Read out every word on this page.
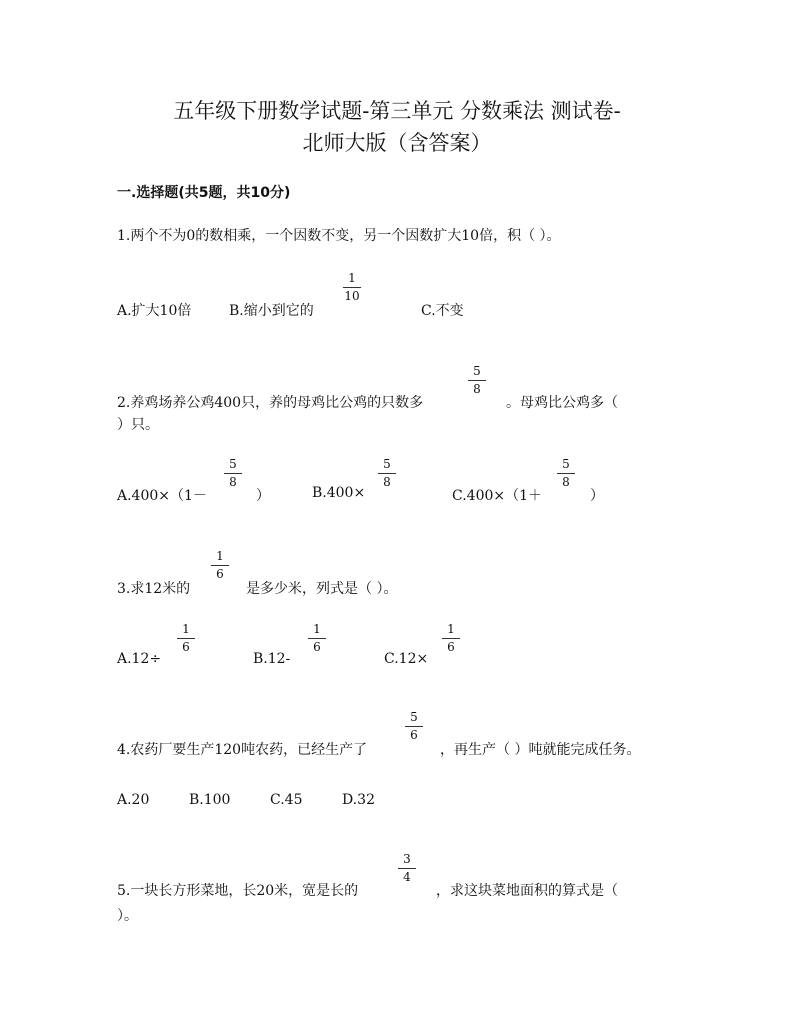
五年级下册数学试题-第三单元 分数乘法 测试卷-
北师大版（含答案）
一.选择题(共5题，共10分)
1.两个不为0的数相乘，一个因数不变，另一个因数扩大10倍，积（ ）。
A.扩大10倍	B.缩小到它的
1
10
C.不变
2.养鸡场养公鸡400只，养的母鸡比公鸡的只数多
5
8
。母鸡比公鸡多（
）只。
A.400×（1－
5
8
）	B.400×
5
8
C.400×（1＋
5
8
）
3.求12米的
1
6
是多少米，列式是（ ）。
A.12÷
1
6
B.12-
1
6
C.12×
1
6
4.农药厂要生产120吨农药，已经生产了
5
6
，再生产（ ）吨就能完成任务。
A.20	B.100	C.45	D.32
5.一块长方形菜地，长20米，宽是长的
3
4
，求这块菜地面积的算式是（
）。
